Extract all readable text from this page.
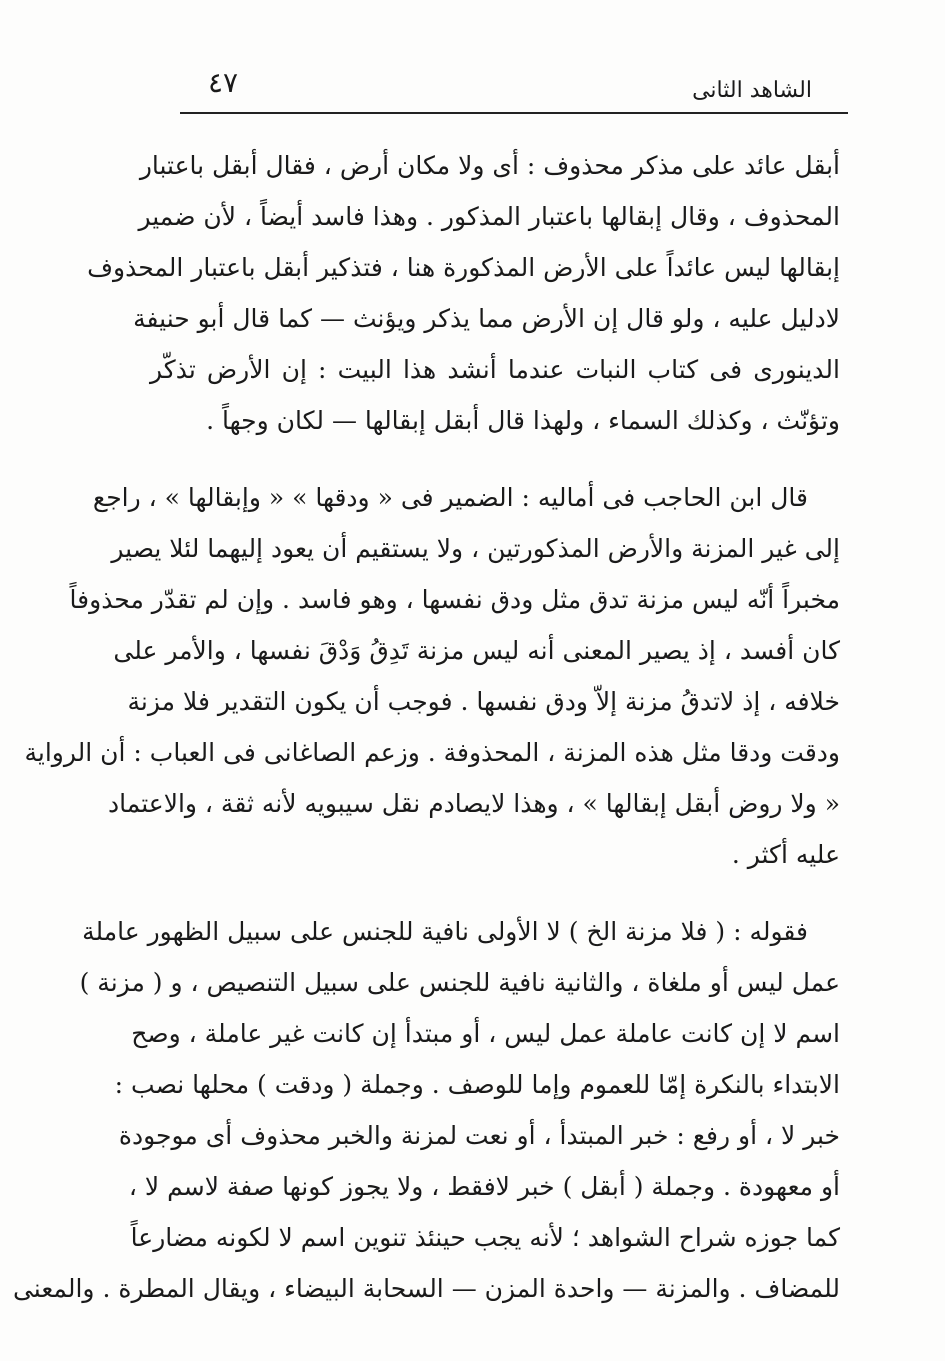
الشاهد الثانى
٤٧
أبقل عائد على مذكر محذوف : أى ولا مكان أرض ، فقال أبقل باعتبار
المحذوف ، وقال إبقالها باعتبار المذكور . وهذا فاسد أيضاً ، لأن ضمير
إبقالها ليس عائداً على الأرض المذكورة هنا ، فتذكير أبقل باعتبار المحذوف
لادليل عليه ، ولو قال إن الأرض مما يذكر ويؤنث — كما قال أبو حنيفة
الدينورى فى كتاب النبات عندما أنشد هذا البيت : إن الأرض تذكّر
وتؤنّث ، وكذلك السماء ، ولهذا قال أبقل إبقالها — لكان وجهاً .
قال ابن الحاجب فى أماليه : الضمير فى « ودقها » « وإبقالها » ، راجع
إلى غير المزنة والأرض المذكورتين ، ولا يستقيم أن يعود إليهما لئلا يصير
مخبراً أنّه ليس مزنة تدق مثل ودق نفسها ، وهو فاسد . وإن لم تقدّر محذوفاً
كان أفسد ، إذ يصير المعنى أنه ليس مزنة تَدِقُ وَدْقَ نفسها ، والأمر على
خلافه ، إذ لاتدقُ مزنة إلاّ ودق نفسها . فوجب أن يكون التقدير فلا مزنة
ودقت ودقا مثل هذه المزنة ، المحذوفة . وزعم الصاغانى فى العباب : أن الرواية
« ولا روض أبقل إبقالها » ، وهذا لايصادم نقل سيبويه لأنه ثقة ، والاعتماد
عليه أكثر .
فقوله : ( فلا مزنة الخ ) لا الأولى نافية للجنس على سبيل الظهور عاملة
عمل ليس أو ملغاة ، والثانية نافية للجنس على سبيل التنصيص ، و ( مزنة )
اسم لا إن كانت عاملة عمل ليس ، أو مبتدأ إن كانت غير عاملة ، وصح
الابتداء بالنكرة إمّا للعموم وإما للوصف . وجملة ( ودقت ) محلها نصب :
خبر لا ، أو رفع : خبر المبتدأ ، أو نعت لمزنة والخبر محذوف أى موجودة
أو معهودة . وجملة ( أبقل ) خبر لافقط ، ولا يجوز كونها صفة لاسم لا ،
كما جوزه شراح الشواهد ؛ لأنه يجب حينئذ تنوين اسم لا لكونه مضارعاً
للمضاف . والمزنة — واحدة المزن — السحابة البيضاء ، ويقال المطرة . والمعنى
